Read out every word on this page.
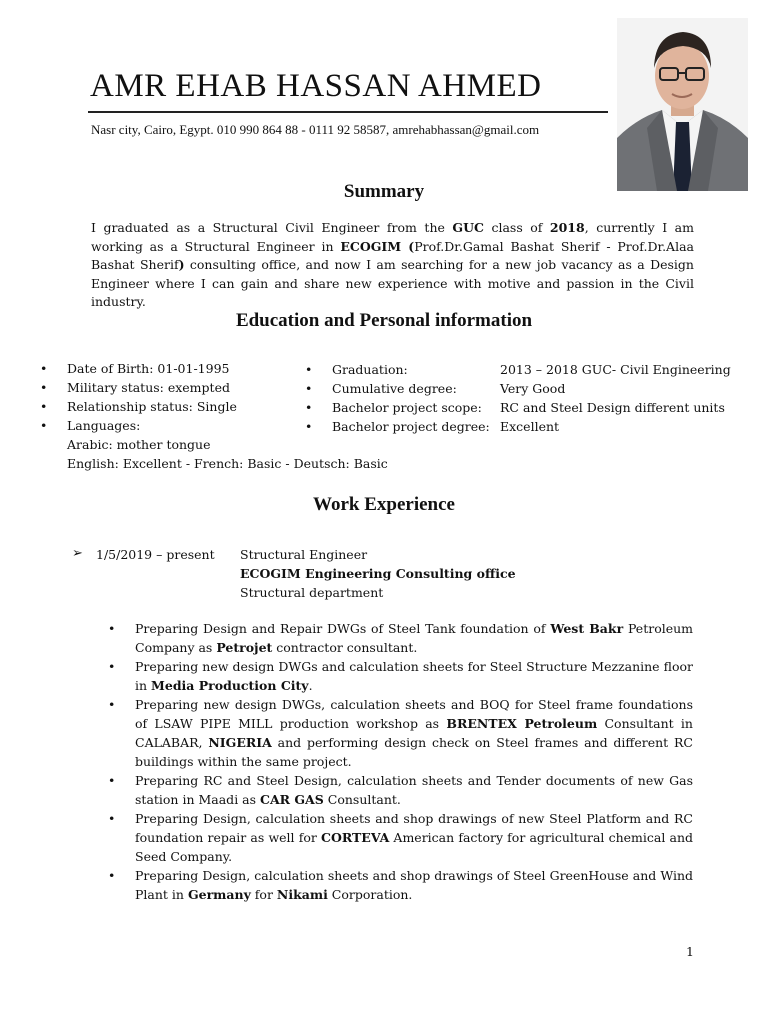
AMR EHAB HASSAN AHMED
Nasr city, Cairo, Egypt. 010 990 864 88 - 0111 92 58587, amrehabhassan@gmail.com
Summary

I graduated as a Structural Civil Engineer from the GUC class of 2018, currently I am working as a Structural Engineer in ECOGIM (Prof.Dr.Gamal Bashat Sherif - Prof.Dr.Alaa Bashat Sherif) consulting office, and now I am searching for a new job vacancy as a Design Engineer where I can gain and share new experience with motive and passion in the Civil industry.

Education and Personal information
• Date of Birth: 01-01-1995
• Military status: exempted
• Relationship status: Single
• Languages:
Arabic: mother tongue
English: Excellent - French: Basic - Deutsch: Basic
• Graduation:	2013 – 2018 GUC- Civil Engineering
• Cumulative degree:	Very Good
• Bachelor project scope: RC and Steel Design different units
• Bachelor project degree: Excellent
Work Experience
➢ 1/5/2019 – present Structural Engineer
ECOGIM Engineering Consulting office
Structural department
• Preparing Design and Repair DWGs of Steel Tank foundation of West Bakr Petroleum Company as Petrojet contractor consultant.
• Preparing new design DWGs and calculation sheets for Steel Structure Mezzanine floor in Media Production City.
• Preparing new design DWGs, calculation sheets and BOQ for Steel frame foundations of LSAW PIPE MILL production workshop as BRENTEX Petroleum Consultant in CALABAR, NIGERIA and performing design check on Steel frames and different RC buildings within the same project.
• Preparing RC and Steel Design, calculation sheets and Tender documents of new Gas station in Maadi as CAR GAS Consultant.
• Preparing Design, calculation sheets and shop drawings of new Steel Platform and RC foundation repair as well for CORTEVA American factory for agricultural chemical and Seed Company.
• Preparing Design, calculation sheets and shop drawings of Steel GreenHouse and Wind Plant in Germany for Nikami Corporation.
1
